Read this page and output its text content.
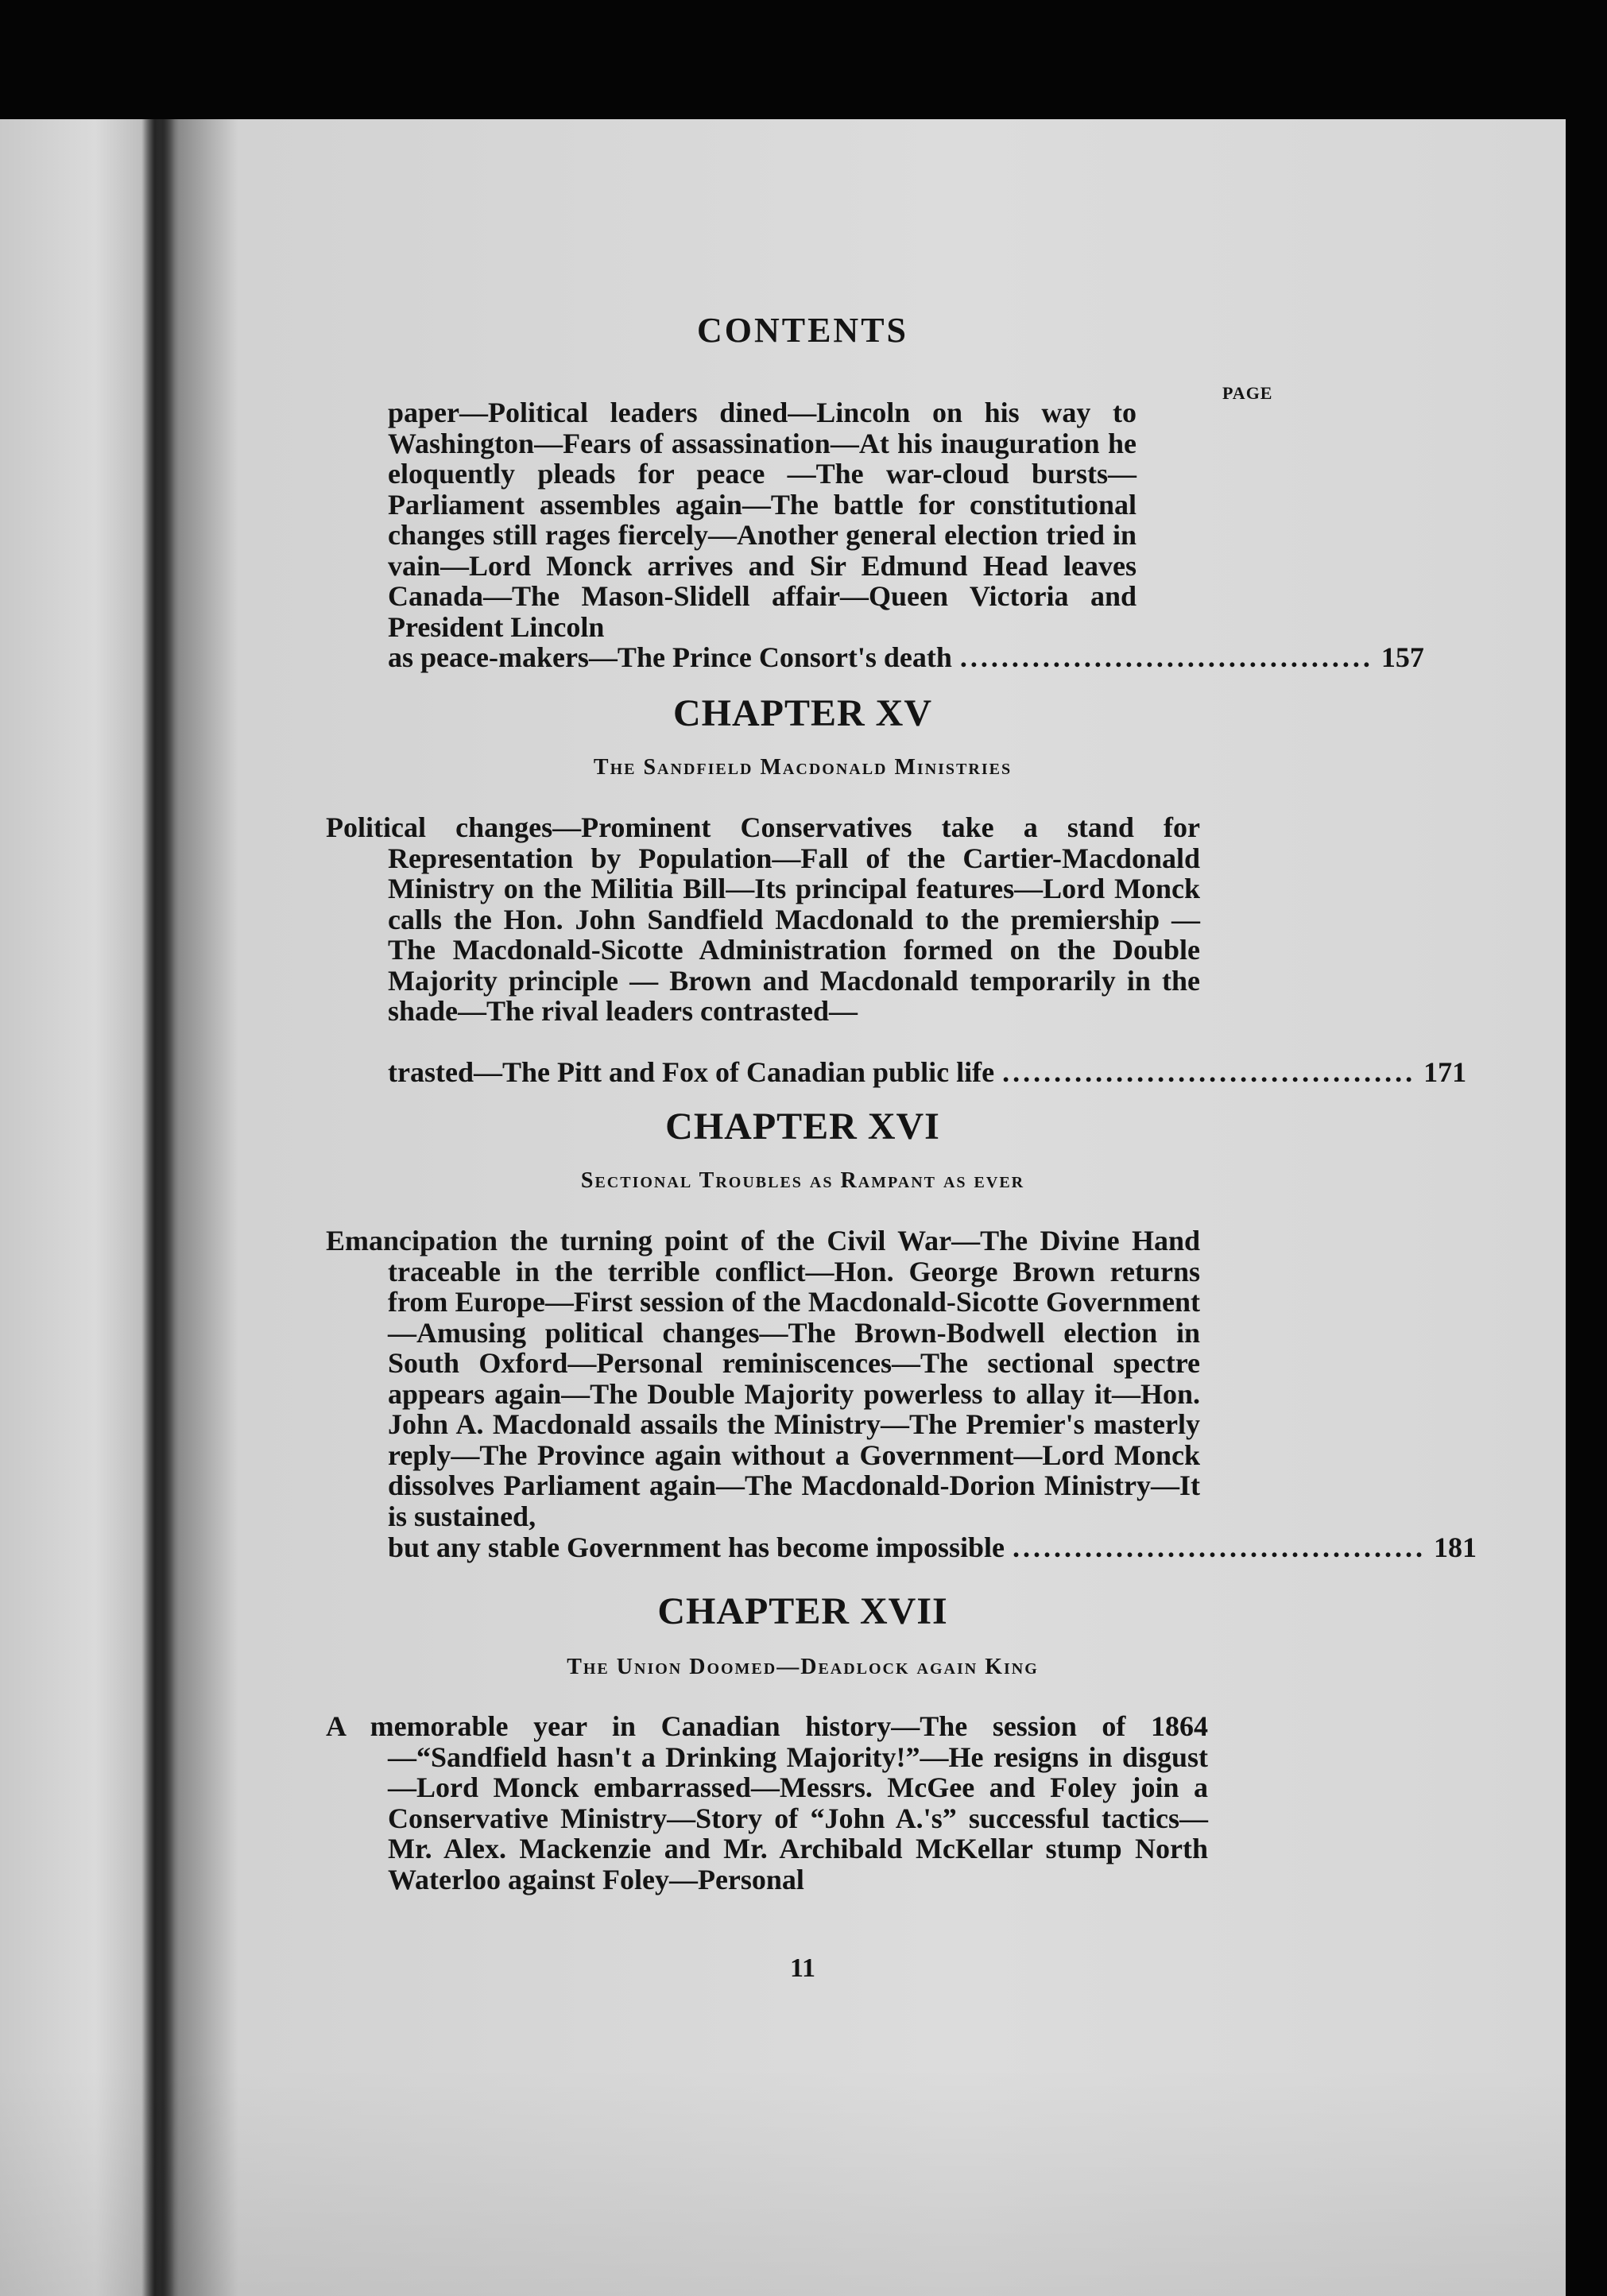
CONTENTS
PAGE
paper—Political leaders dined—Lincoln on his way to Washington—Fears of assassination—At his inauguration he eloquently pleads for peace —The war-cloud bursts—Parliament assembles again—The battle for constitutional changes still rages fiercely—Another general election tried in vain—Lord Monck arrives and Sir Edmund Head leaves Canada—The Mason-Slidell affair—Queen Victoria and President Lincoln
as peace-makers—The Prince Consort's death ........................................ 157
CHAPTER XV
The Sandfield Macdonald Ministries
Political changes—Prominent Conservatives take a stand for Representation by Population—Fall of the Cartier-Macdonald Ministry on the Militia Bill—Its principal features—Lord Monck calls the Hon. John Sandfield Macdonald to the premiership — The Macdonald-Sicotte Administration formed on the Double Majority principle — Brown and Macdonald temporarily in the shade—The rival leaders contrasted—
trasted—The Pitt and Fox of Canadian public life ........................................ 171
CHAPTER XVI
Sectional Troubles as Rampant as ever
Emancipation the turning point of the Civil War—The Divine Hand traceable in the terrible conflict—Hon. George Brown returns from Europe—First session of the Macdonald-Sicotte Government—Amusing political changes—The Brown-Bodwell election in South Oxford—Personal reminiscences—The sectional spectre appears again—The Double Majority powerless to allay it—Hon. John A. Macdonald assails the Ministry—The Premier's masterly reply—The Province again without a Government—Lord Monck dissolves Parliament again—The Macdonald-Dorion Ministry—It is sustained,
but any stable Government has become impossible ........................................ 181
CHAPTER XVII
The Union Doomed—Deadlock again King
A memorable year in Canadian history—The session of 1864—“Sandfield hasn't a Drinking Majority!”—He resigns in disgust—Lord Monck embarrassed—Messrs. McGee and Foley join a Conservative Ministry—Story of “John A.'s” successful tactics—Mr. Alex. Mackenzie and Mr. Archibald McKellar stump North Waterloo against Foley—Personal
11
